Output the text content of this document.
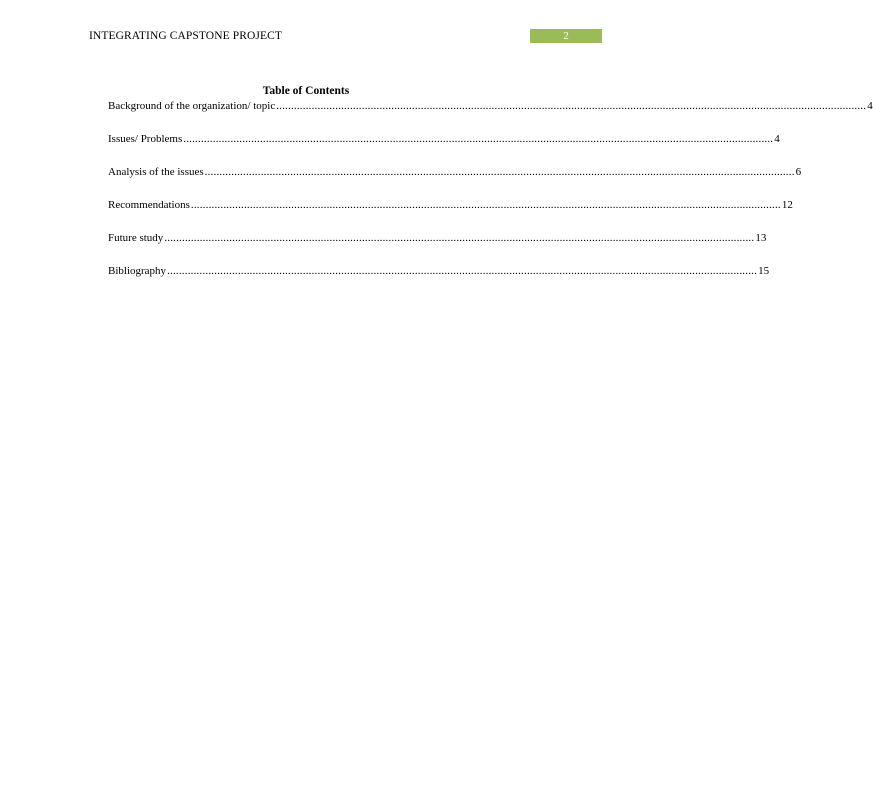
INTEGRATING CAPSTONE PROJECT	2
Table of Contents
Background of the organization/ topic ........................................................................................................................................................................................................ 4
Issues/ Problems ........................................................................................................................................................................................................ 4
Analysis of the issues ........................................................................................................................................................................................................ 6
Recommendations ........................................................................................................................................................................................................ 12
Future study ........................................................................................................................................................................................................ 13
Bibliography ........................................................................................................................................................................................................ 15
